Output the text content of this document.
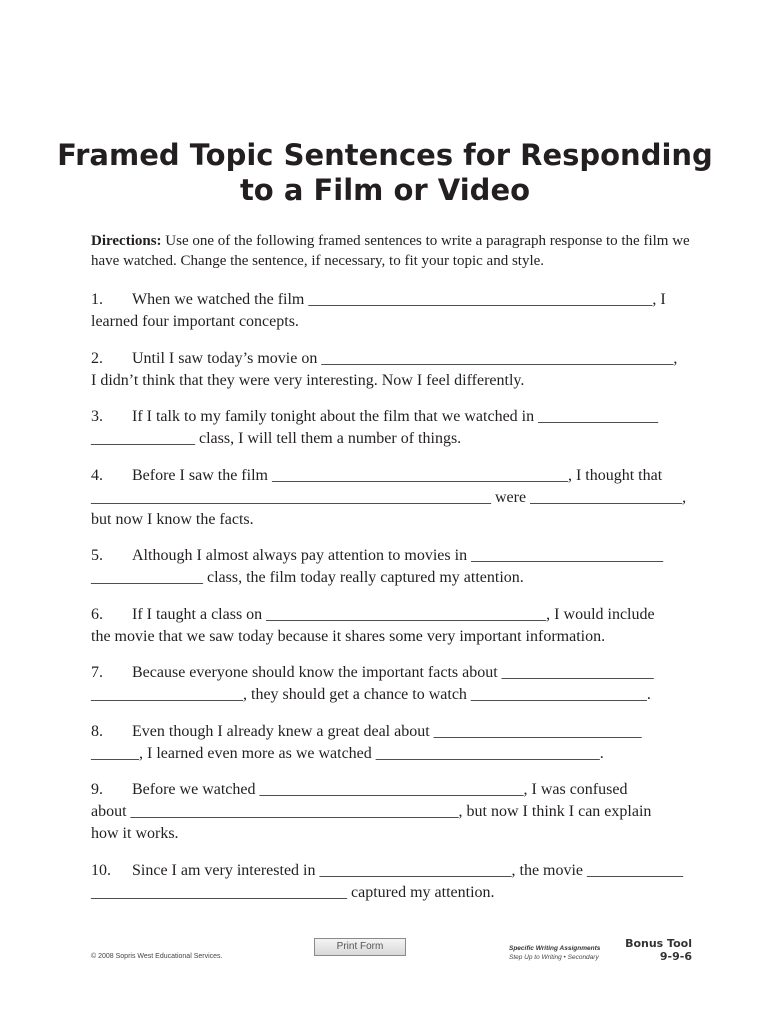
Framed Topic Sentences for Responding
to a Film or Video
Directions: Use one of the following framed sentences to write a paragraph response to the film we have watched. Change the sentence, if necessary, to fit your topic and style.
1. When we watched the film ___________________________________________, I
learned four important concepts.
2. Until I saw today’s movie on ____________________________________________,
I didn’t think that they were very interesting. Now I feel differently.
3. If I talk to my family tonight about the film that we watched in _______________
_____________ class, I will tell them a number of things.
4. Before I saw the film _____________________________________, I thought that
__________________________________________________ were ___________________,
but now I know the facts.
5. Although I almost always pay attention to movies in ________________________
______________ class, the film today really captured my attention.
6. If I taught a class on ___________________________________, I would include
the movie that we saw today because it shares some very important information.
7. Because everyone should know the important facts about ___________________
___________________, they should get a chance to watch ______________________.
8. Even though I already knew a great deal about __________________________
______, I learned even more as we watched ____________________________.
9. Before we watched _________________________________, I was confused
about _________________________________________, but now I think I can explain
how it works.
10. Since I am very interested in ________________________, the movie ____________
________________________________ captured my attention.
© 2008 Sopris West Educational Services.
Print Form	Specific Writing Assignments
Step Up to Writing • Secondary
Bonus Tool
9-9-6
